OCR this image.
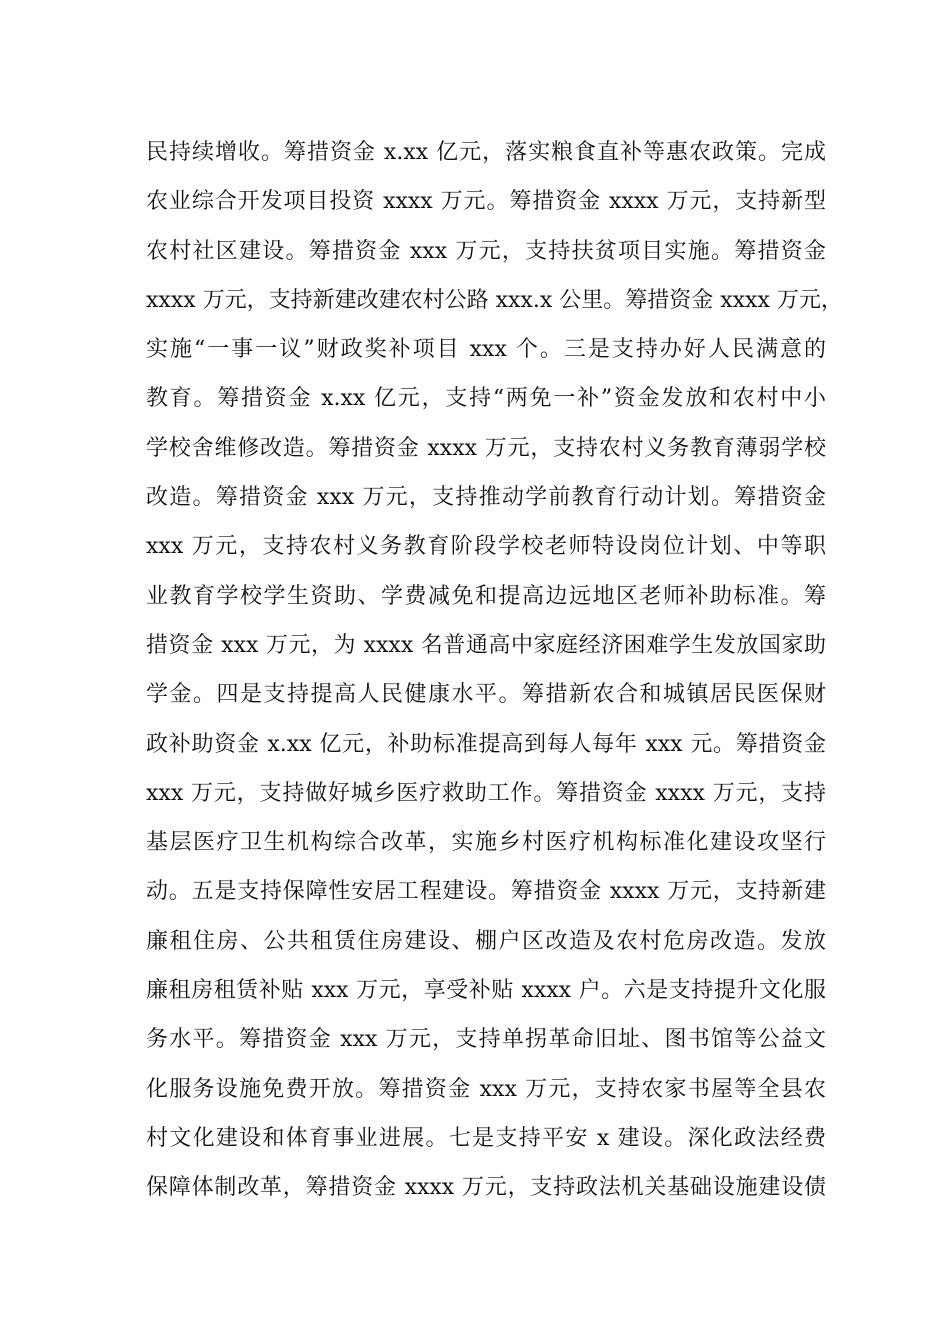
民持续增收。筹措资金 x.xx 亿元，落实粮食直补等惠农政策。完成
农业综合开发项目投资 xxxx 万元。筹措资金 xxxx 万元，支持新型
农村社区建设。筹措资金 xxx 万元，支持扶贫项目实施。筹措资金
xxxx 万元，支持新建改建农村公路 xxx.x 公里。筹措资金 xxxx 万元，
实施“一事一议”财政奖补项目 xxx 个。三是支持办好人民满意的
教育。筹措资金 x.xx 亿元，支持“两免一补”资金发放和农村中小
学校舍维修改造。筹措资金 xxxx 万元，支持农村义务教育薄弱学校
改造。筹措资金 xxx 万元，支持推动学前教育行动计划。筹措资金
xxx 万元，支持农村义务教育阶段学校老师特设岗位计划、中等职
业教育学校学生资助、学费减免和提高边远地区老师补助标准。筹
措资金 xxx 万元，为 xxxx 名普通高中家庭经济困难学生发放国家助
学金。四是支持提高人民健康水平。筹措新农合和城镇居民医保财
政补助资金 x.xx 亿元，补助标准提高到每人每年 xxx 元。筹措资金
xxx 万元，支持做好城乡医疗救助工作。筹措资金 xxxx 万元，支持
基层医疗卫生机构综合改革，实施乡村医疗机构标准化建设攻坚行
动。五是支持保障性安居工程建设。筹措资金 xxxx 万元，支持新建
廉租住房、公共租赁住房建设、棚户区改造及农村危房改造。发放
廉租房租赁补贴 xxx 万元，享受补贴 xxxx 户。六是支持提升文化服
务水平。筹措资金 xxx 万元，支持单拐革命旧址、图书馆等公益文
化服务设施免费开放。筹措资金 xxx 万元，支持农家书屋等全县农
村文化建设和体育事业进展。七是支持平安 x 建设。深化政法经费
保障体制改革，筹措资金 xxxx 万元，支持政法机关基础设施建设债
